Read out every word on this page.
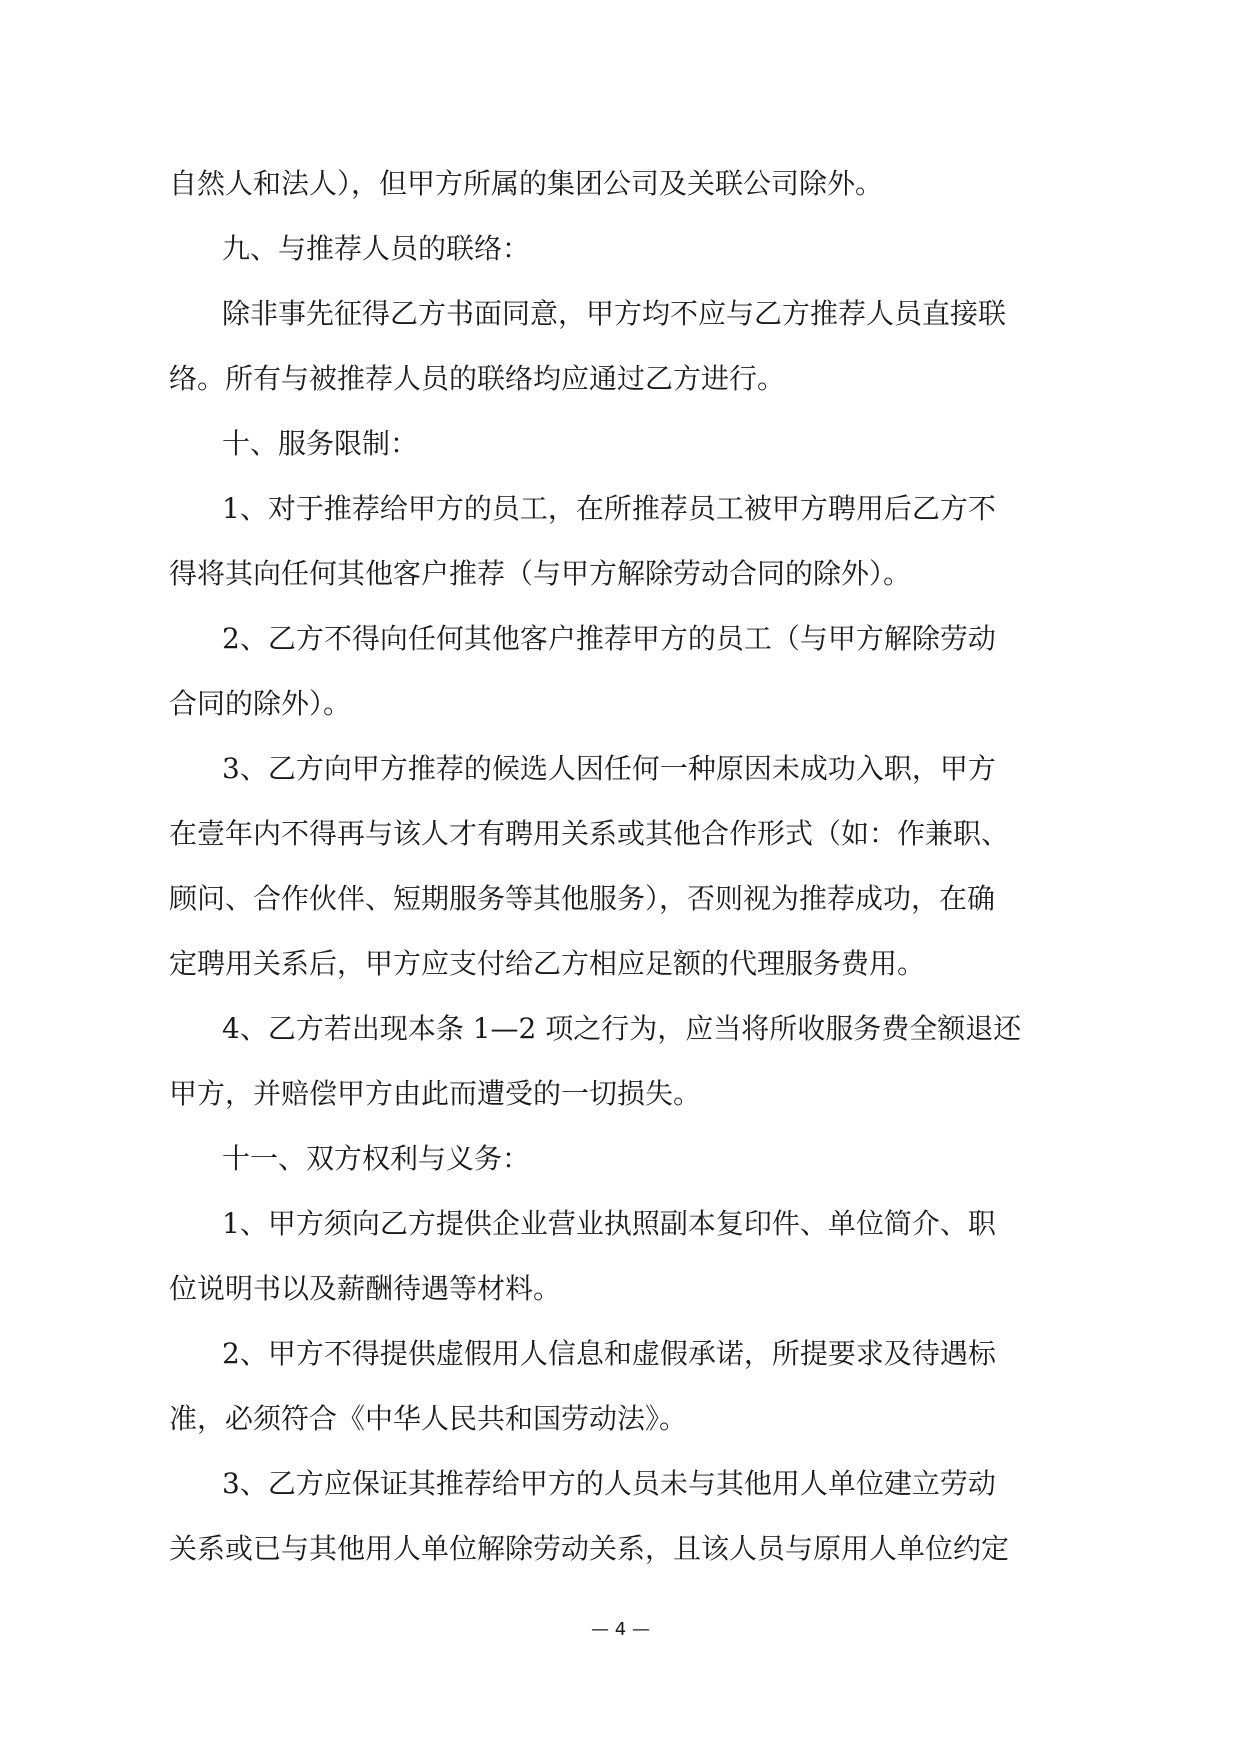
自然人和法人），但甲方所属的集团公司及关联公司除外。
九、与推荐人员的联络：
除非事先征得乙方书面同意，甲方均不应与乙方推荐人员直接联
络。所有与被推荐人员的联络均应通过乙方进行。
十、服务限制：
1、对于推荐给甲方的员工，在所推荐员工被甲方聘用后乙方不
得将其向任何其他客户推荐（与甲方解除劳动合同的除外）。
2、乙方不得向任何其他客户推荐甲方的员工（与甲方解除劳动
合同的除外）。
3、乙方向甲方推荐的候选人因任何一种原因未成功入职，甲方
在壹年内不得再与该人才有聘用关系或其他合作形式（如：作兼职、
顾问、合作伙伴、短期服务等其他服务），否则视为推荐成功，在确
定聘用关系后，甲方应支付给乙方相应足额的代理服务费用。
4、乙方若出现本条 1—2 项之行为，应当将所收服务费全额退还
甲方，并赔偿甲方由此而遭受的一切损失。
十一、双方权利与义务：
1、甲方须向乙方提供企业营业执照副本复印件、单位简介、职
位说明书以及薪酬待遇等材料。
2、甲方不得提供虚假用人信息和虚假承诺，所提要求及待遇标
准，必须符合《中华人民共和国劳动法》。
3、乙方应保证其推荐给甲方的人员未与其他用人单位建立劳动
关系或已与其他用人单位解除劳动关系，且该人员与原用人单位约定
— 4 —
